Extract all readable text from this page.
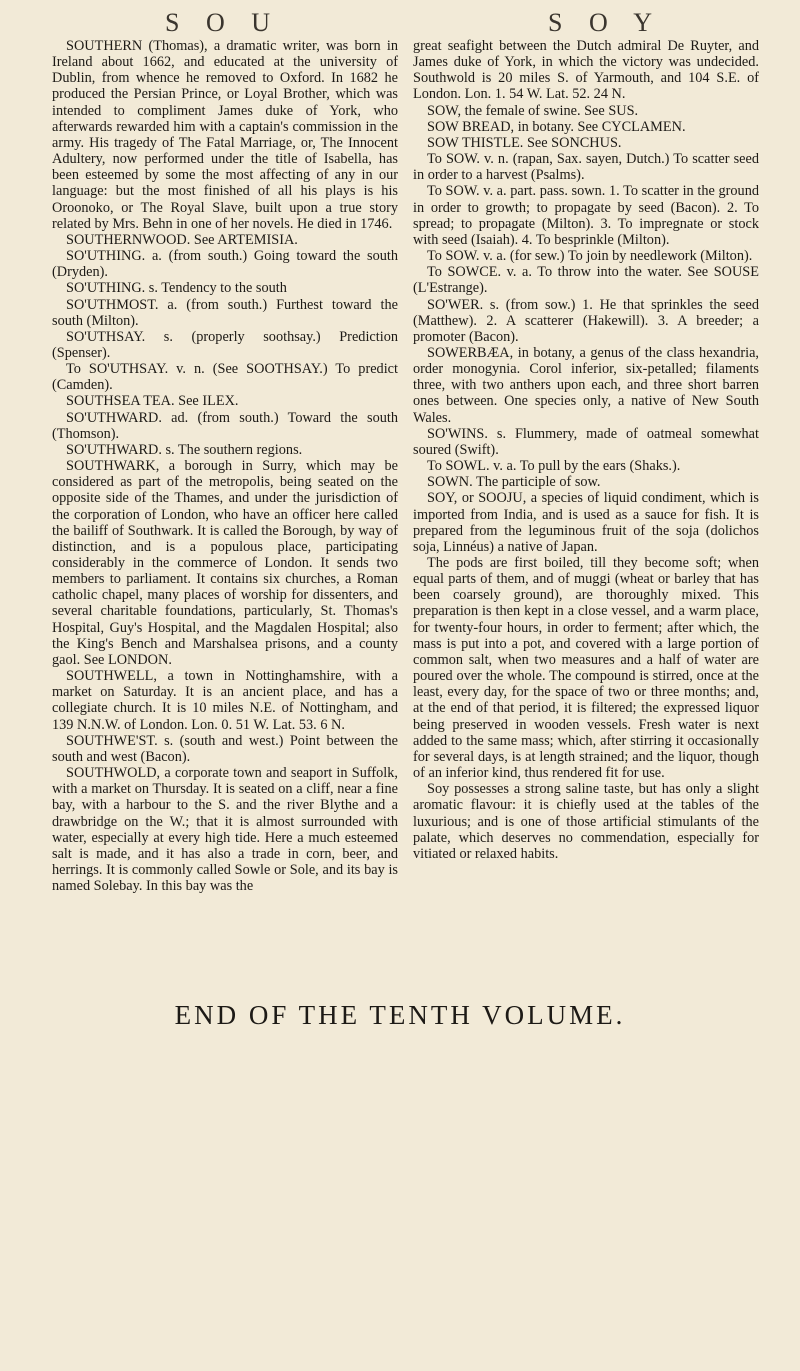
S O U	S O Y

SOUTHERN (Thomas), a dramatic writer, was born in Ireland about 1662, and educated at the university of Dublin, from whence he removed to Oxford. In 1682 he produced the Persian Prince, or Loyal Brother, which was intended to compliment James duke of York, who afterwards rewarded him with a captain's commission in the army. His tragedy of The Fatal Marriage, or, The Innocent Adultery, now performed under the title of Isabella, has been esteemed by some the most affecting of any in our language: but the most finished of all his plays is his Oroonoko, or The Royal Slave, built upon a true story related by Mrs. Behn in one of her novels. He died in 1746.

SOUTHERNWOOD. See ARTEMISIA.

SO'UTHING. a. (from south.) Going toward the south (Dryden).

SO'UTHING. s. Tendency to the south

SO'UTHMOST. a. (from south.) Furthest toward the south (Milton).

SO'UTHSAY. s. (properly soothsay.) Prediction (Spenser).

To SO'UTHSAY. v. n. (See SOOTHSAY.) To predict (Camden).

SOUTHSEA TEA. See ILEX.

SO'UTHWARD. ad. (from south.) Toward the south (Thomson).

SO'UTHWARD. s. The southern regions.

SOUTHWARK, a borough in Surry, which may be considered as part of the metropolis, being seated on the opposite side of the Thames, and under the jurisdiction of the corporation of London, who have an officer here called the bailiff of Southwark. It is called the Borough, by way of distinction, and is a populous place, participating considerably in the commerce of London. It sends two members to parliament. It contains six churches, a Roman catholic chapel, many places of worship for dissenters, and several charitable foundations, particularly, St. Thomas's Hospital, Guy's Hospital, and the Magdalen Hospital; also the King's Bench and Marshalsea prisons, and a county gaol. See LONDON.

SOUTHWELL, a town in Nottinghamshire, with a market on Saturday. It is an ancient place, and has a collegiate church. It is 10 miles N.E. of Nottingham, and 139 N.N.W. of London. Lon. 0. 51 W. Lat. 53. 6 N.

SOUTHWE'ST. s. (south and west.) Point between the south and west (Bacon).

SOUTHWOLD, a corporate town and seaport in Suffolk, with a market on Thursday. It is seated on a cliff, near a fine bay, with a harbour to the S. and the river Blythe and a drawbridge on the W.; that it is almost surrounded with water, especially at every high tide. Here a much esteemed salt is made, and it has also a trade in corn, beer, and herrings. It is commonly called Sowle or Sole, and its bay is named Solebay. In this bay was the

great seafight between the Dutch admiral De Ruyter, and James duke of York, in which the victory was undecided. Southwold is 20 miles S. of Yarmouth, and 104 S.E. of London. Lon. 1. 54 W. Lat. 52. 24 N.

SOW, the female of swine. See SUS.

SOW BREAD, in botany. See CYCLAMEN.

SOW THISTLE. See SONCHUS.

To SOW. v. n. (rapan, Sax. sayen, Dutch.) To scatter seed in order to a harvest (Psalms).

To SOW. v. a. part. pass. sown. 1. To scatter in the ground in order to growth; to propagate by seed (Bacon). 2. To spread; to propagate (Milton). 3. To impregnate or stock with seed (Isaiah). 4. To besprinkle (Milton).

To SOW. v. a. (for sew.) To join by needlework (Milton).

To SOWCE. v. a. To throw into the water. See SOUSE (L'Estrange).

SO'WER. s. (from sow.) 1. He that sprinkles the seed (Matthew). 2. A scatterer (Hakewill). 3. A breeder; a promoter (Bacon).

SOWERBÆA, in botany, a genus of the class hexandria, order monogynia. Corol inferior, six-petalled; filaments three, with two anthers upon each, and three short barren ones between. One species only, a native of New South Wales.

SO'WINS. s. Flummery, made of oatmeal somewhat soured (Swift).

To SOWL. v. a. To pull by the ears (Shaks.).

SOWN. The participle of sow.

SOY, or SOOJU, a species of liquid condiment, which is imported from India, and is used as a sauce for fish. It is prepared from the leguminous fruit of the soja (dolichos soja, Linnéus) a native of Japan.

The pods are first boiled, till they become soft; when equal parts of them, and of muggi (wheat or barley that has been coarsely ground), are thoroughly mixed. This preparation is then kept in a close vessel, and a warm place, for twenty-four hours, in order to ferment; after which, the mass is put into a pot, and covered with a large portion of common salt, when two measures and a half of water are poured over the whole. The compound is stirred, once at the least, every day, for the space of two or three months; and, at the end of that period, it is filtered; the expressed liquor being preserved in wooden vessels. Fresh water is next added to the same mass; which, after stirring it occasionally for several days, is at length strained; and the liquor, though of an inferior kind, thus rendered fit for use.

Soy possesses a strong saline taste, but has only a slight aromatic flavour: it is chiefly used at the tables of the luxurious; and is one of those artificial stimulants of the palate, which deserves no commendation, especially for vitiated or relaxed habits.

END OF THE TENTH VOLUME.
